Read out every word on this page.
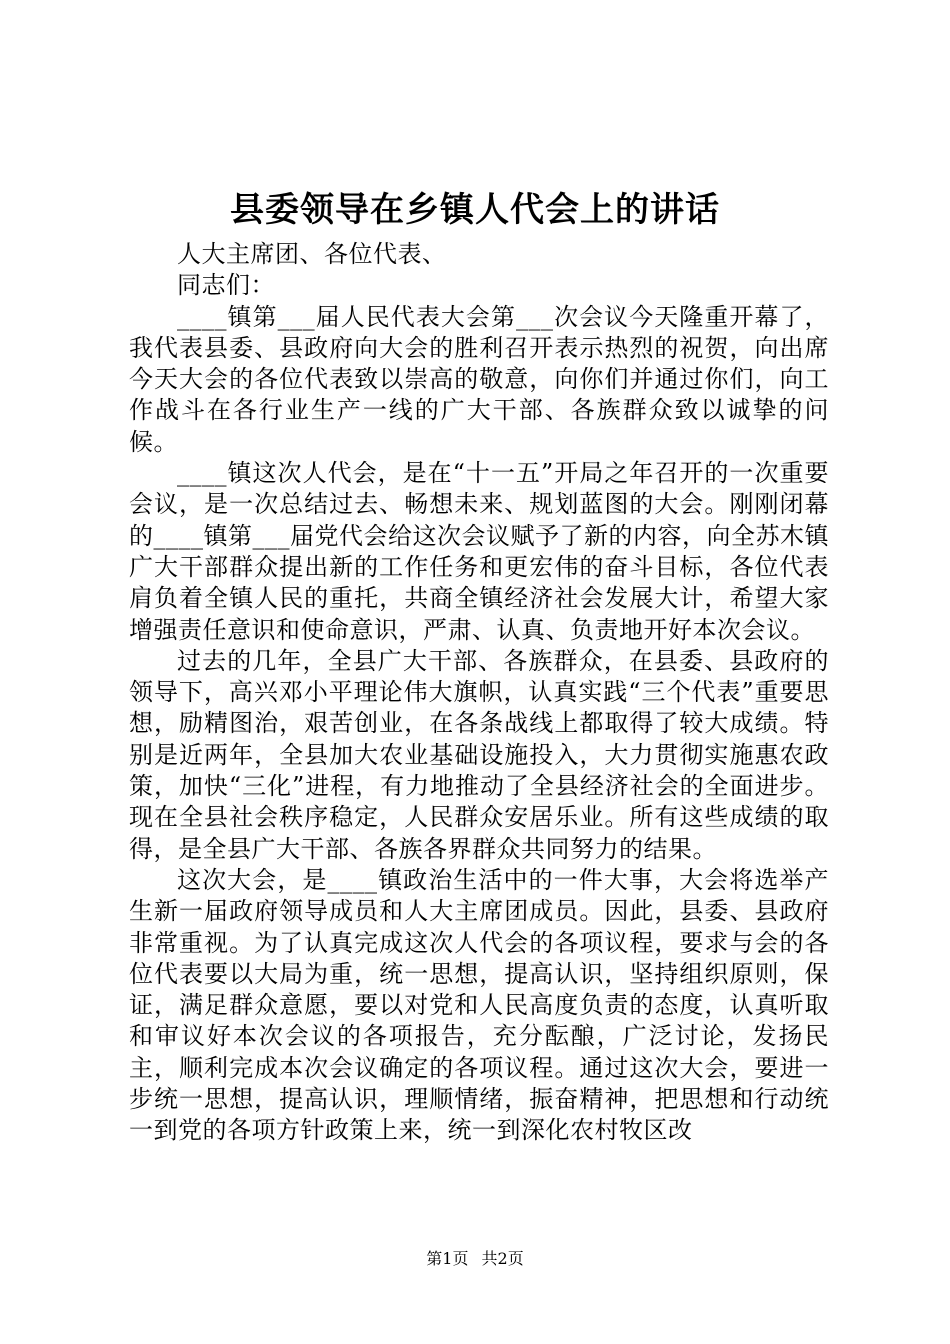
县委领导在乡镇人代会上的讲话

人大主席团、各位代表、

同志们：

____镇第___届人民代表大会第___次会议今天隆重开幕了，我代表县委、县政府向大会的胜利召开表示热烈的祝贺，向出席今天大会的各位代表致以崇高的敬意，向你们并通过你们，向工作战斗在各行业生产一线的广大干部、各族群众致以诚挚的问候。

____镇这次人代会，是在“十一五”开局之年召开的一次重要会议，是一次总结过去、畅想未来、规划蓝图的大会。刚刚闭幕的____镇第___届党代会给这次会议赋予了新的内容，向全苏木镇广大干部群众提出新的工作任务和更宏伟的奋斗目标，各位代表肩负着全镇人民的重托，共商全镇经济社会发展大计，希望大家增强责任意识和使命意识，严肃、认真、负责地开好本次会议。

过去的几年，全县广大干部、各族群众，在县委、县政府的领导下，高兴邓小平理论伟大旗帜，认真实践“三个代表”重要思想，励精图治，艰苦创业，在各条战线上都取得了较大成绩。特别是近两年，全县加大农业基础设施投入，大力贯彻实施惠农政策，加快“三化”进程，有力地推动了全县经济社会的全面进步。现在全县社会秩序稳定，人民群众安居乐业。所有这些成绩的取得，是全县广大干部、各族各界群众共同努力的结果。

这次大会，是____镇政治生活中的一件大事，大会将选举产生新一届政府领导成员和人大主席团成员。因此，县委、县政府非常重视。为了认真完成这次人代会的各项议程，要求与会的各位代表要以大局为重，统一思想，提高认识，坚持组织原则，保证，满足群众意愿，要以对党和人民高度负责的态度，认真听取和审议好本次会议的各项报告，充分酝酿，广泛讨论，发扬民主，顺利完成本次会议确定的各项议程。通过这次大会，要进一步统一思想，提高认识，理顺情绪，振奋精神，把思想和行动统一到党的各项方针政策上来，统一到深化农村牧区改

第1页 共2页
